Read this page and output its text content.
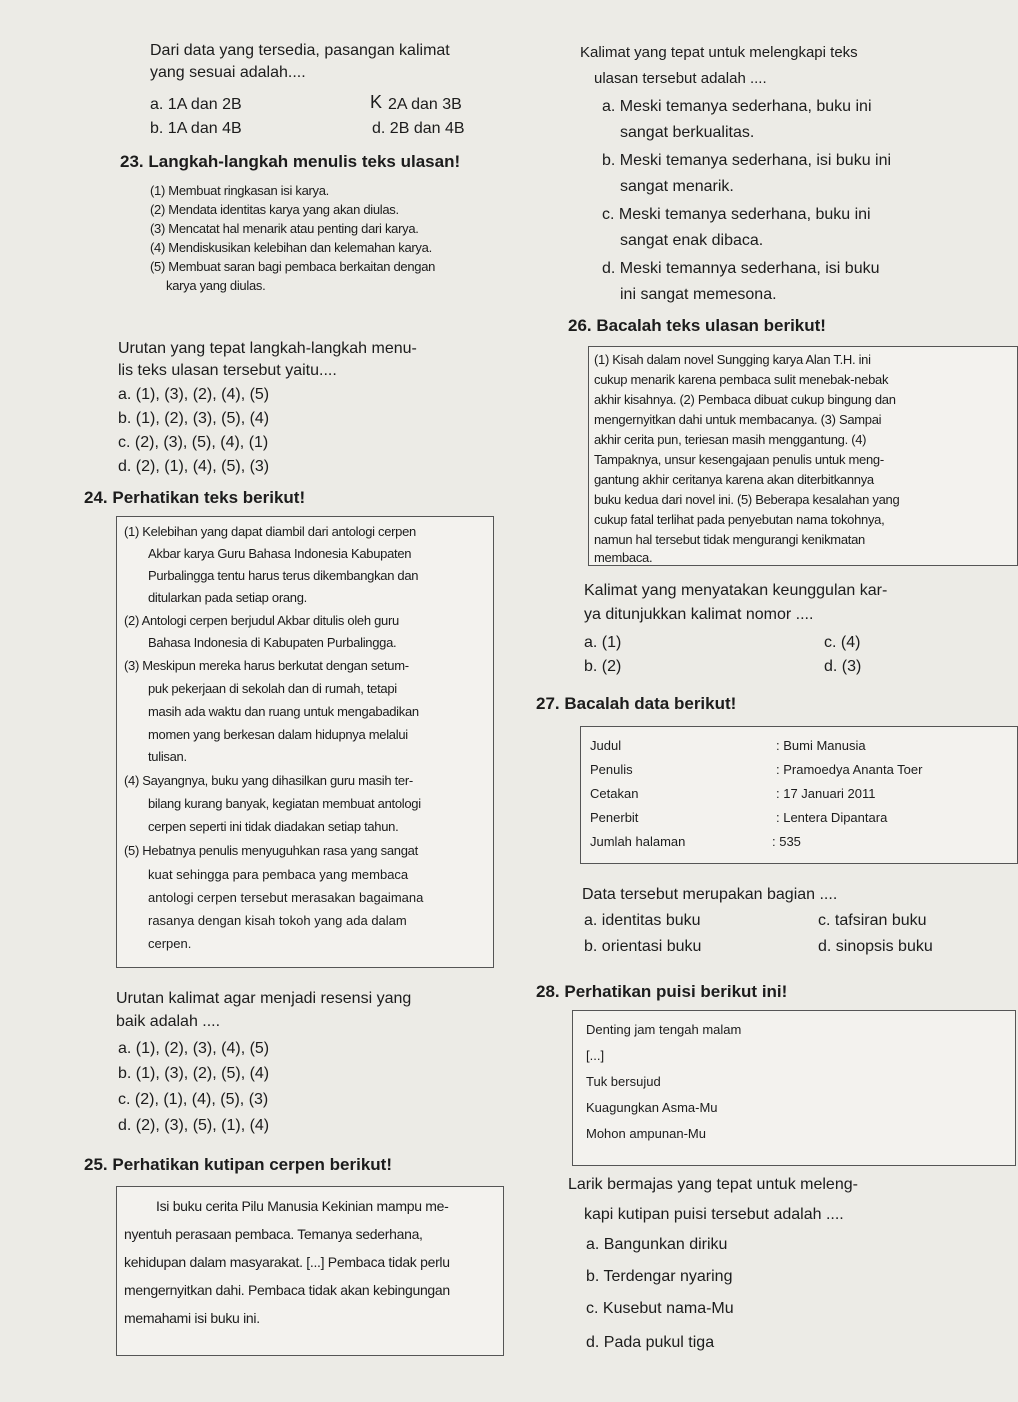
Dari data yang tersedia, pasangan kalimat
yang sesuai adalah....
a. 1A dan 2B
b. 1A dan 4B
K 2A dan 3B
d. 2B dan 4B
23. Langkah-langkah menulis teks ulasan!
(1) Membuat ringkasan isi karya.
(2) Mendata identitas karya yang akan diulas.
(3) Mencatat hal menarik atau penting dari karya.
(4) Mendiskusikan kelebihan dan kelemahan karya.
(5) Membuat saran bagi pembaca berkaitan dengan
karya yang diulas.
Urutan yang tepat langkah-langkah menu-
lis teks ulasan tersebut yaitu....
a. (1), (3), (2), (4), (5)
b. (1), (2), (3), (5), (4)
c. (2), (3), (5), (4), (1)
d. (2), (1), (4), (5), (3)
24. Perhatikan teks berikut!
(1) Kelebihan yang dapat diambil dari antologi cerpen
Akbar karya Guru Bahasa Indonesia Kabupaten
Purbalingga tentu harus terus dikembangkan dan
ditularkan pada setiap orang.
(2) Antologi cerpen berjudul Akbar ditulis oleh guru
Bahasa Indonesia di Kabupaten Purbalingga.
(3) Meskipun mereka harus berkutat dengan setum-
puk pekerjaan di sekolah dan di rumah, tetapi
masih ada waktu dan ruang untuk mengabadikan
momen yang berkesan dalam hidupnya melalui
tulisan.
(4) Sayangnya, buku yang dihasilkan guru masih ter-
bilang kurang banyak, kegiatan membuat antologi
cerpen seperti ini tidak diadakan setiap tahun.
(5) Hebatnya penulis menyuguhkan rasa yang sangat
kuat sehingga para pembaca yang membaca
antologi cerpen tersebut merasakan bagaimana
rasanya dengan kisah tokoh yang ada dalam
cerpen.
Urutan kalimat agar menjadi resensi yang
baik adalah ....
a. (1), (2), (3), (4), (5)
b. (1), (3), (2), (5), (4)
c. (2), (1), (4), (5), (3)
d. (2), (3), (5), (1), (4)
25. Perhatikan kutipan cerpen berikut!
Isi buku cerita Pilu Manusia Kekinian mampu me-
nyentuh perasaan pembaca. Temanya sederhana,
kehidupan dalam masyarakat. [...] Pembaca tidak perlu
mengernyitkan dahi. Pembaca tidak akan kebingungan
memahami isi buku ini.
Kalimat yang tepat untuk melengkapi teks
ulasan tersebut adalah ....
a. Meski temanya sederhana, buku ini
sangat berkualitas.
b. Meski temanya sederhana, isi buku ini
sangat menarik.
c. Meski temanya sederhana, buku ini
sangat enak dibaca.
d. Meski temannya sederhana, isi buku
ini sangat memesona.
26. Bacalah teks ulasan berikut!
(1) Kisah dalam novel Sungging karya Alan T.H. ini
cukup menarik karena pembaca sulit menebak-nebak
akhir kisahnya. (2) Pembaca dibuat cukup bingung dan
mengernyitkan dahi untuk membacanya. (3) Sampai
akhir cerita pun, teriesan masih menggantung. (4)
Tampaknya, unsur kesengajaan penulis untuk meng-
gantung akhir ceritanya karena akan diterbitkannya
buku kedua dari novel ini. (5) Beberapa kesalahan yang
cukup fatal terlihat pada penyebutan nama tokohnya,
namun hal tersebut tidak mengurangi kenikmatan
membaca.
Kalimat yang menyatakan keunggulan kar-
ya ditunjukkan kalimat nomor ....
a. (1)
b. (2)
c. (4)
d. (3)
27. Bacalah data berikut!
Judul	: Bumi Manusia
Penulis	: Pramoedya Ananta Toer
Cetakan	: 17 Januari 2011
Penerbit	: Lentera Dipantara
Jumlah halaman	: 535
Data tersebut merupakan bagian ....
a. identitas buku
b. orientasi buku
c. tafsiran buku
d. sinopsis buku
28. Perhatikan puisi berikut ini!
Denting jam tengah malam
[...]
Tuk bersujud
Kuagungkan Asma-Mu
Mohon ampunan-Mu
Larik bermajas yang tepat untuk meleng-
kapi kutipan puisi tersebut adalah ....
a. Bangunkan diriku
b. Terdengar nyaring
c. Kusebut nama-Mu
d. Pada pukul tiga
